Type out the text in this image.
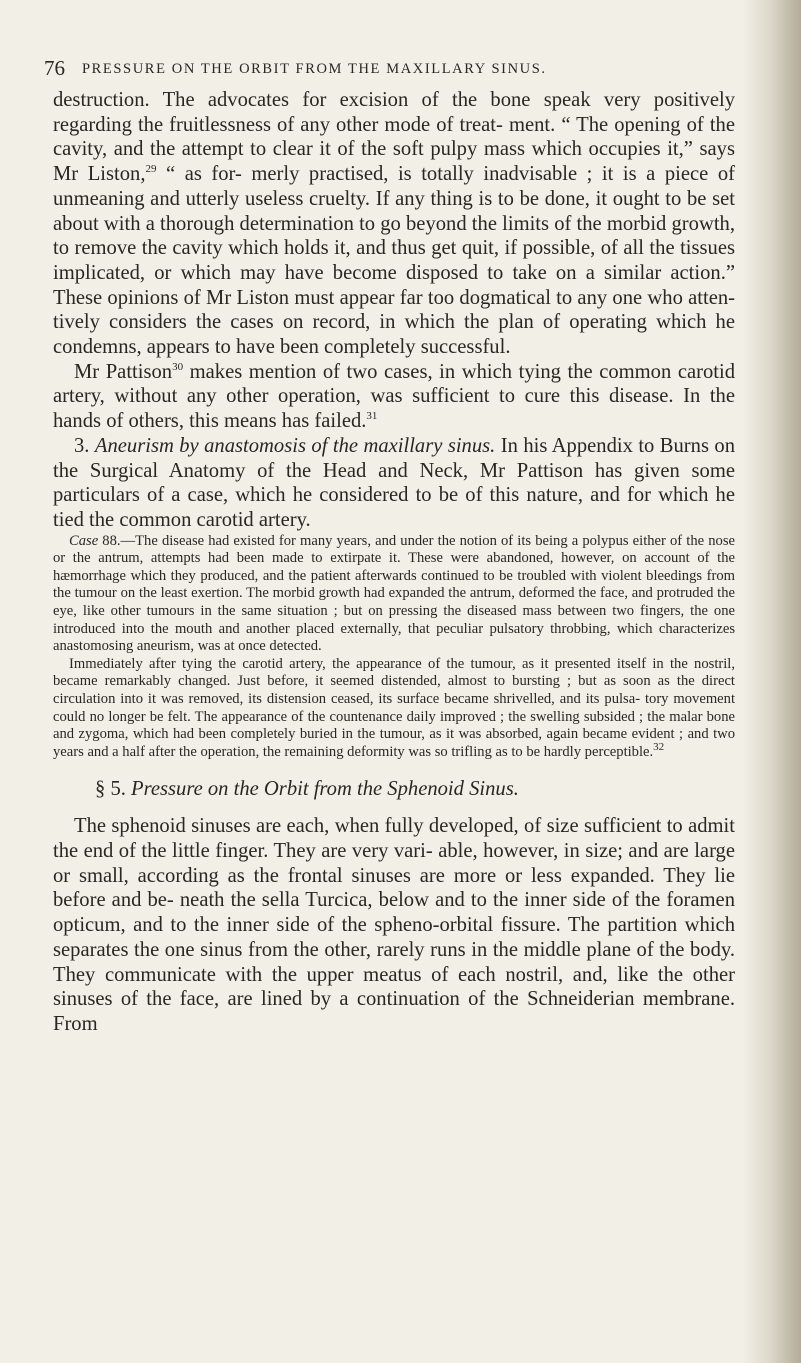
76 PRESSURE ON THE ORBIT FROM THE MAXILLARY SINUS.

destruction. The advocates for excision of the bone speak very positively regarding the fruitlessness of any other mode of treat- ment. “ The opening of the cavity, and the attempt to clear it of the soft pulpy mass which occupies it,” says Mr Liston,$^{29}$ “ as for- merly practised, is totally inadvisable ; it is a piece of unmeaning and utterly useless cruelty. If any thing is to be done, it ought to be set about with a thorough determination to go beyond the limits of the morbid growth, to remove the cavity which holds it, and thus get quit, if possible, of all the tissues implicated, or which may have become disposed to take on a similar action.” These opinions of Mr Liston must appear far too dogmatical to any one who atten- tively considers the cases on record, in which the plan of operating which he condemns, appears to have been completely successful.

Mr Pattison$^{30}$ makes mention of two cases, in which tying the common carotid artery, without any other operation, was sufficient to cure this disease. In the hands of others, this means has failed.$^{31}$

3. Aneurism by anastomosis of the maxillary sinus. In his Appendix to Burns on the Surgical Anatomy of the Head and Neck, Mr Pattison has given some particulars of a case, which he considered to be of this nature, and for which he tied the common carotid artery.

Case 88.—The disease had existed for many years, and under the notion of its being a polypus either of the nose or the antrum, attempts had been made to extirpate it. These were abandoned, however, on account of the hæmorrhage which they produced, and the patient afterwards continued to be troubled with violent bleedings from the tumour on the least exertion. The morbid growth had expanded the antrum, deformed the face, and protruded the eye, like other tumours in the same situation ; but on pressing the diseased mass between two fingers, the one introduced into the mouth and another placed externally, that peculiar pulsatory throbbing, which characterizes anastomosing aneurism, was at once detected.

Immediately after tying the carotid artery, the appearance of the tumour, as it presented itself in the nostril, became remarkably changed. Just before, it seemed distended, almost to bursting ; but as soon as the direct circulation into it was removed, its distension ceased, its surface became shrivelled, and its pulsa- tory movement could no longer be felt. The appearance of the countenance daily improved ; the swelling subsided ; the malar bone and zygoma, which had been completely buried in the tumour, as it was absorbed, again became evident ; and two years and a half after the operation, the remaining deformity was so trifling as to be hardly perceptible.$^{32}$

§ 5. Pressure on the Orbit from the Sphenoid Sinus.

The sphenoid sinuses are each, when fully developed, of size sufficient to admit the end of the little finger. They are very vari- able, however, in size; and are large or small, according as the frontal sinuses are more or less expanded. They lie before and be- neath the sella Turcica, below and to the inner side of the foramen opticum, and to the inner side of the spheno-orbital fissure. The partition which separates the one sinus from the other, rarely runs in the middle plane of the body. They communicate with the upper meatus of each nostril, and, like the other sinuses of the face, are lined by a continuation of the Schneiderian membrane. From
